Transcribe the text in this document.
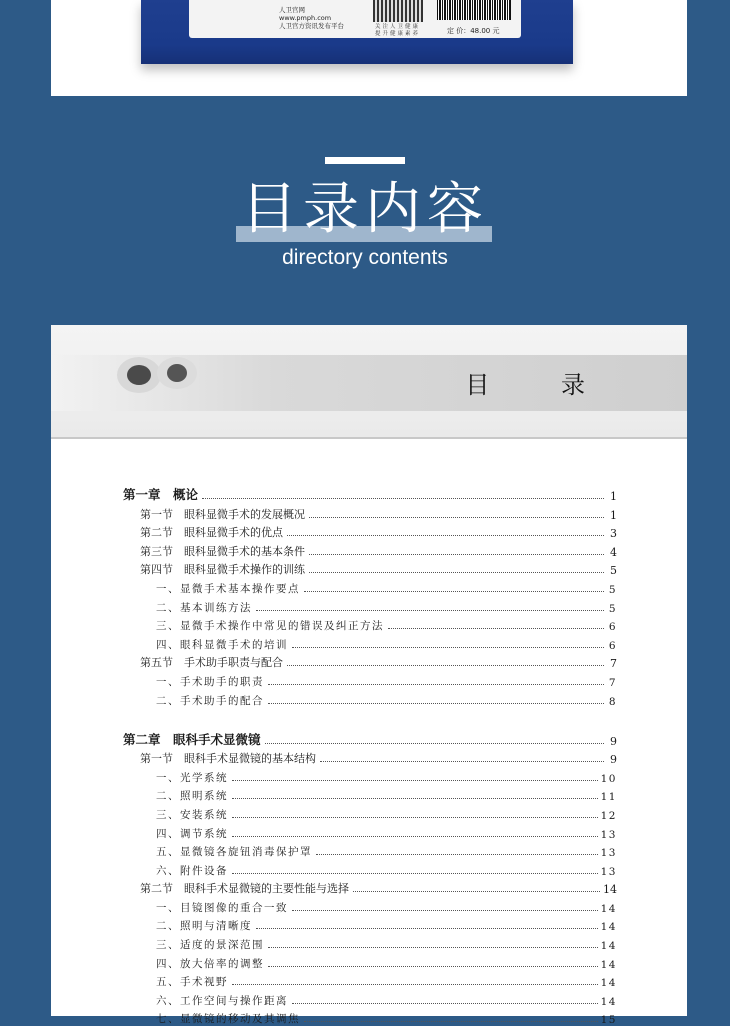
人卫官网
www.pmph.com
人卫官方资讯发布平台	关注人卫健康
提升健康素养	定 价：48.00 元
目录内容
directory contents
目 录
第一章　概论	1
第一节　眼科显微手术的发展概况	1
第二节　眼科显微手术的优点	3
第三节　眼科显微手术的基本条件	4
第四节　眼科显微手术操作的训练	5
一、显微手术基本操作要点	5
二、基本训练方法	5
三、显微手术操作中常见的错误及纠正方法	6
四、眼科显微手术的培训	6
第五节　手术助手职责与配合	7
一、手术助手的职责	7
二、手术助手的配合	8
第二章　眼科手术显微镜	9
第一节　眼科手术显微镜的基本结构	9
一、光学系统	10
二、照明系统	11
三、安装系统	12
四、调节系统	13
五、显微镜各旋钮消毒保护罩	13
六、附件设备	13
第二节　眼科手术显微镜的主要性能与选择	14
一、目镜图像的重合一致	14
二、照明与清晰度	14
三、适度的景深范围	14
四、放大倍率的调整	14
五、手术视野	14
六、工作空间与操作距离	14
七、显微镜的移动及其调焦	15
